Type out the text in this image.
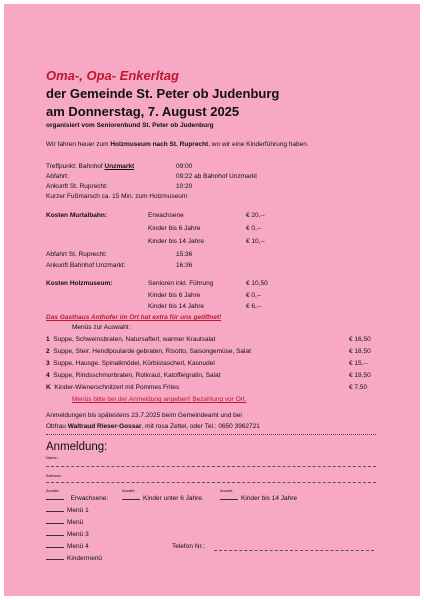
Oma-, Opa- Enkerltag
der Gemeinde St. Peter ob Judenburg
am Donnerstag, 7. August 2025
organisiert vom Seniorenbund St. Peter ob Judenburg
Wir fahren heuer zum Holzmuseum nach St. Ruprecht, wo wir eine Kinderführung haben.
Treffpunkt: Bahnhof Unzmarkt	09:00
Abfahrt:	09:22 ab Bahnhof Unzmarkt
Ankunft St. Ruprecht:	10:20
Kurzer Fußmarsch ca. 15 Min. zum Holzmuseum
Kosten Murtalbahn:	Erwachsene	€ 20,--
Kinder bis 6 Jahre	€ 0,--
Kinder bis 14 Jahre	€ 10,--
Abfahrt St. Ruprecht:	15:36
Ankunft Bahnhof Unzmarkt:	16:36
Kosten Holzmuseum:	Senioren inkl. Führung	€ 10,50
Kinder bis 6 Jahre	€ 0,--
Kinder bis 14 Jahre	€ 6,--
Das Gasthaus Anthofer im Ort hat extra für uns geöffnet!
Menüs zur Auswahl:
1 Suppe, Schweinsbraten, Natursafterl, warmer Krautsalat	€ 16,50
2 Suppe, Steir. Hendlpoularde gebraten, Risotto, Saisongemüse, Salat	€ 18,50
3 Suppe, Hausge. Spinatknödel, Kürbistascherl, Kasnudel	€ 15,--
4 Suppe, Rindsschmorbraten, Rotkraut, Katoffelgratin, Salat	€ 19,50
K Kinder-Wienerschnitzerl mit Pommes Frites	€ 7,50
Menüs bitte bei der Anmeldung angeben! Bezahlung vor Ort.
Anmeldungen bis spätestens 23.7.2025 beim Gemeindeamt und bei
Obfrau Waltraud Rieser-Gossar, mit rosa Zettel, oder Tel.: 0650 3962721
Anmeldung:
Name:
Adresse:
Anzahl:	Anzahl:	Anzahl:
Erwachsene:	Kinder unter 6 Jahre.	Kinder bis 14 Jahre
Menü 1
Menü
Menü 3
Menü 4
Kindermenü
Telefon Nr.:
